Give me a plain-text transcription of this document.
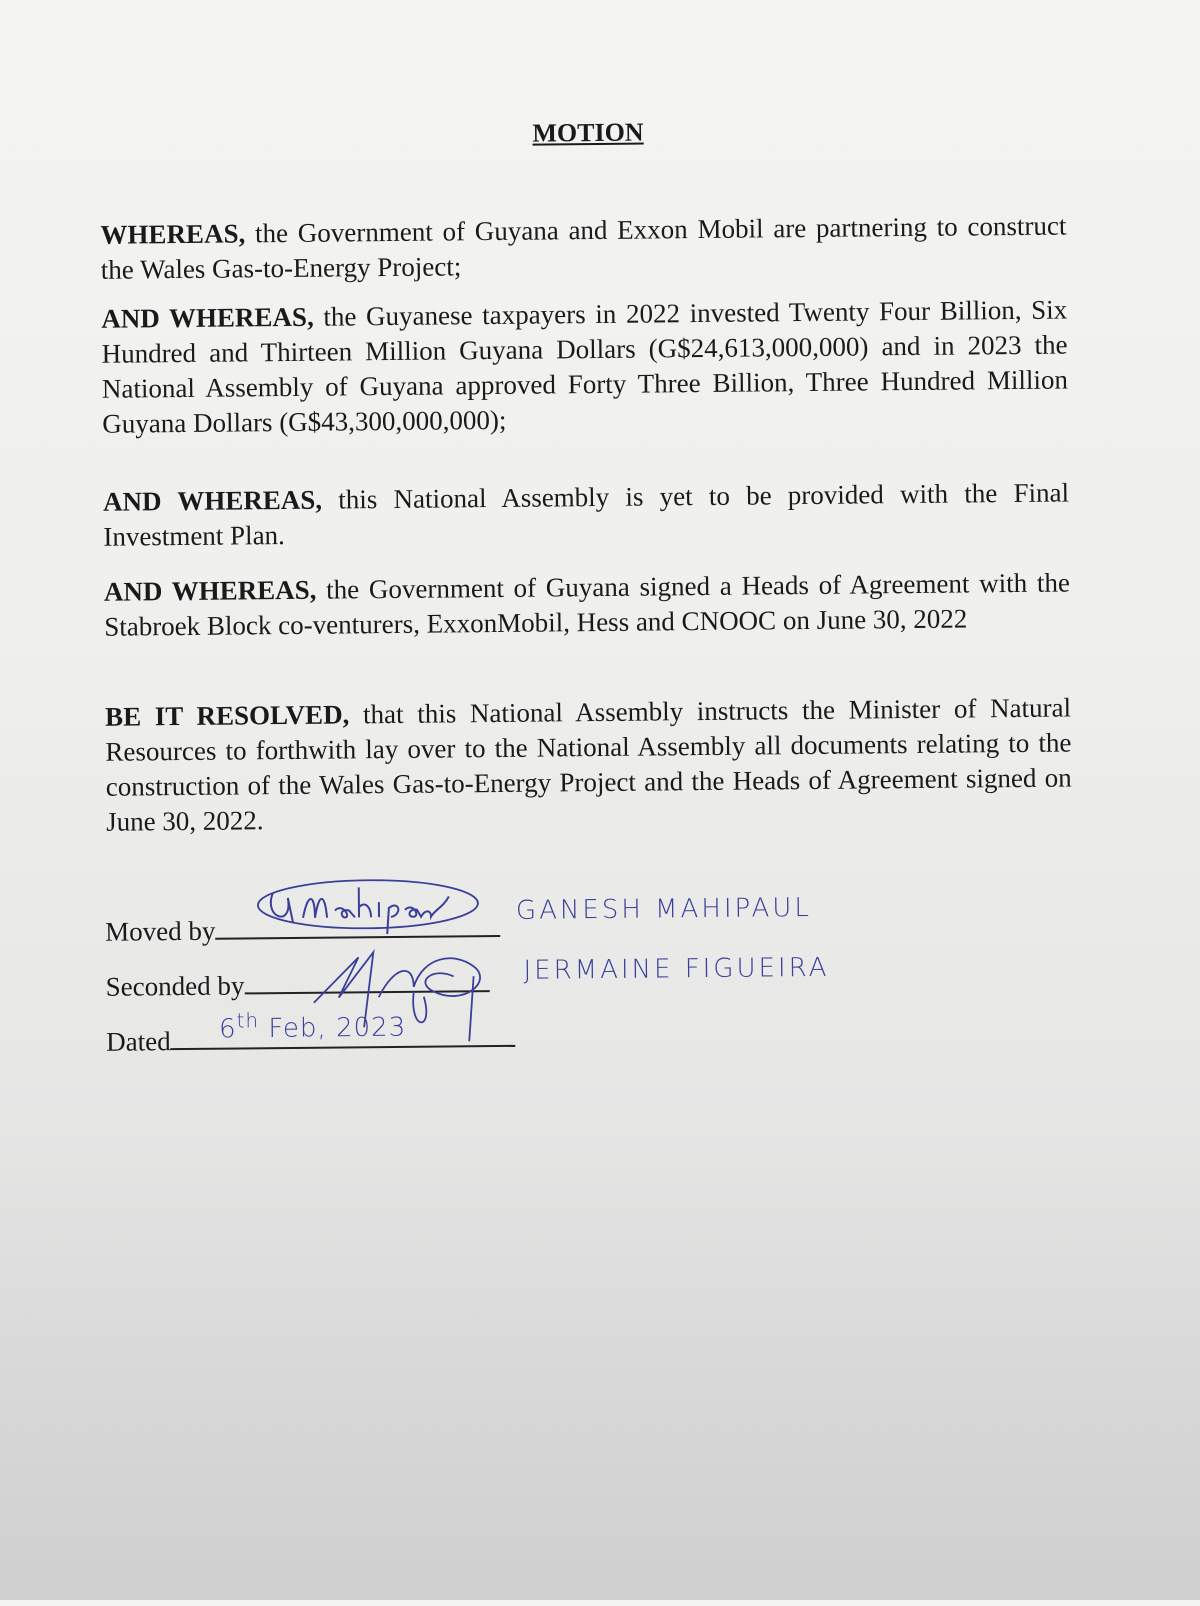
MOTION

WHEREAS, the Government of Guyana and Exxon Mobil are partnering to construct the Wales Gas-to-Energy Project;

AND WHEREAS, the Guyanese taxpayers in 2022 invested Twenty Four Billion, Six Hundred and Thirteen Million Guyana Dollars (G$24,613,000,000) and in 2023 the National Assembly of Guyana approved Forty Three Billion, Three Hundred Million Guyana Dollars (G$43,300,000,000);

AND WHEREAS, this National Assembly is yet to be provided with the Final Investment Plan.

AND WHEREAS, the Government of Guyana signed a Heads of Agreement with the Stabroek Block co-venturers, ExxonMobil, Hess and CNOOC on June 30, 2022

BE IT RESOLVED, that this National Assembly instructs the Minister of Natural Resources to forthwith lay over to the National Assembly all documents relating to the construction of the Wales Gas-to-Energy Project and the Heads of Agreement signed on June 30, 2022.

Moved by
Seconded by
Dated
GANESH MAHIPAUL
JERMAINE FIGUEIRA
6th Feb, 2023
